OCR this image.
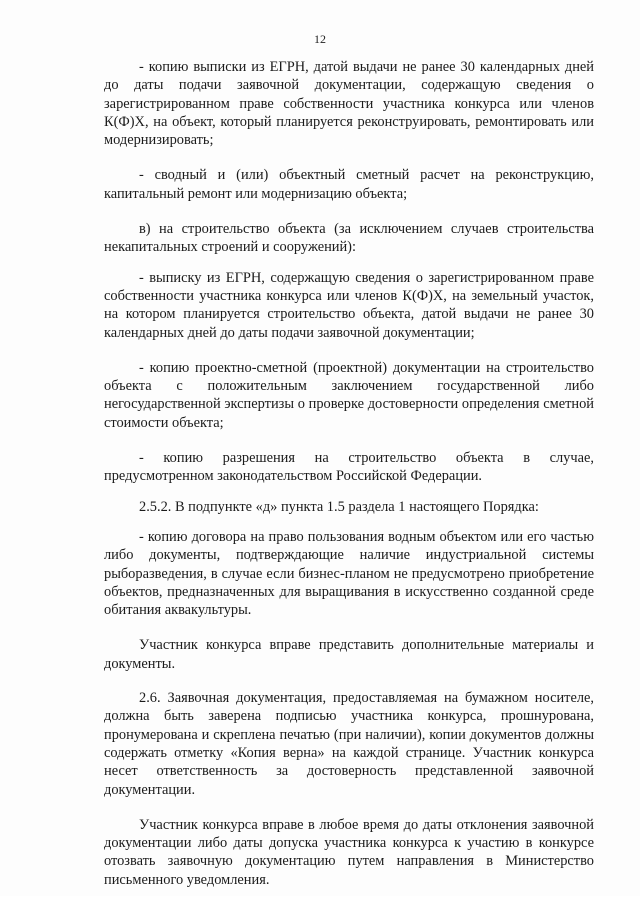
12

- копию выписки из ЕГРН, датой выдачи не ранее 30 календарных дней до даты подачи заявочной документации, содержащую сведения о зарегистрированном праве собственности участника конкурса или членов К(Ф)Х, на объект, который планируется реконструировать, ремонтировать или модернизировать;

- сводный и (или) объектный сметный расчет на реконструкцию, капитальный ремонт или модернизацию объекта;

в) на строительство объекта (за исключением случаев строительства некапитальных строений и сооружений):

- выписку из ЕГРН, содержащую сведения о зарегистрированном праве собственности участника конкурса или членов К(Ф)Х, на земельный участок, на котором планируется строительство объекта, датой выдачи не ранее 30 календарных дней до даты подачи заявочной документации;

- копию проектно-сметной (проектной) документации на строительство объекта с положительным заключением государственной либо негосударственной экспертизы о проверке достоверности определения сметной стоимости объекта;

- копию разрешения на строительство объекта в случае, предусмотренном законодательством Российской Федерации.

2.5.2. В подпункте «д» пункта 1.5 раздела 1 настоящего Порядка:

- копию договора на право пользования водным объектом или его частью либо документы, подтверждающие наличие индустриальной системы рыборазведения, в случае если бизнес-планом не предусмотрено приобретение объектов, предназначенных для выращивания в искусственно созданной среде обитания аквакультуры.

Участник конкурса вправе представить дополнительные материалы и документы.

2.6. Заявочная документация, предоставляемая на бумажном носителе, должна быть заверена подписью участника конкурса, прошнурована, пронумерована и скреплена печатью (при наличии), копии документов должны содержать отметку «Копия верна» на каждой странице. Участник конкурса несет ответственность за достоверность представленной заявочной документации.

Участник конкурса вправе в любое время до даты отклонения заявочной документации либо даты допуска участника конкурса к участию в конкурсе отозвать заявочную документацию путем направления в Министерство письменного уведомления.
